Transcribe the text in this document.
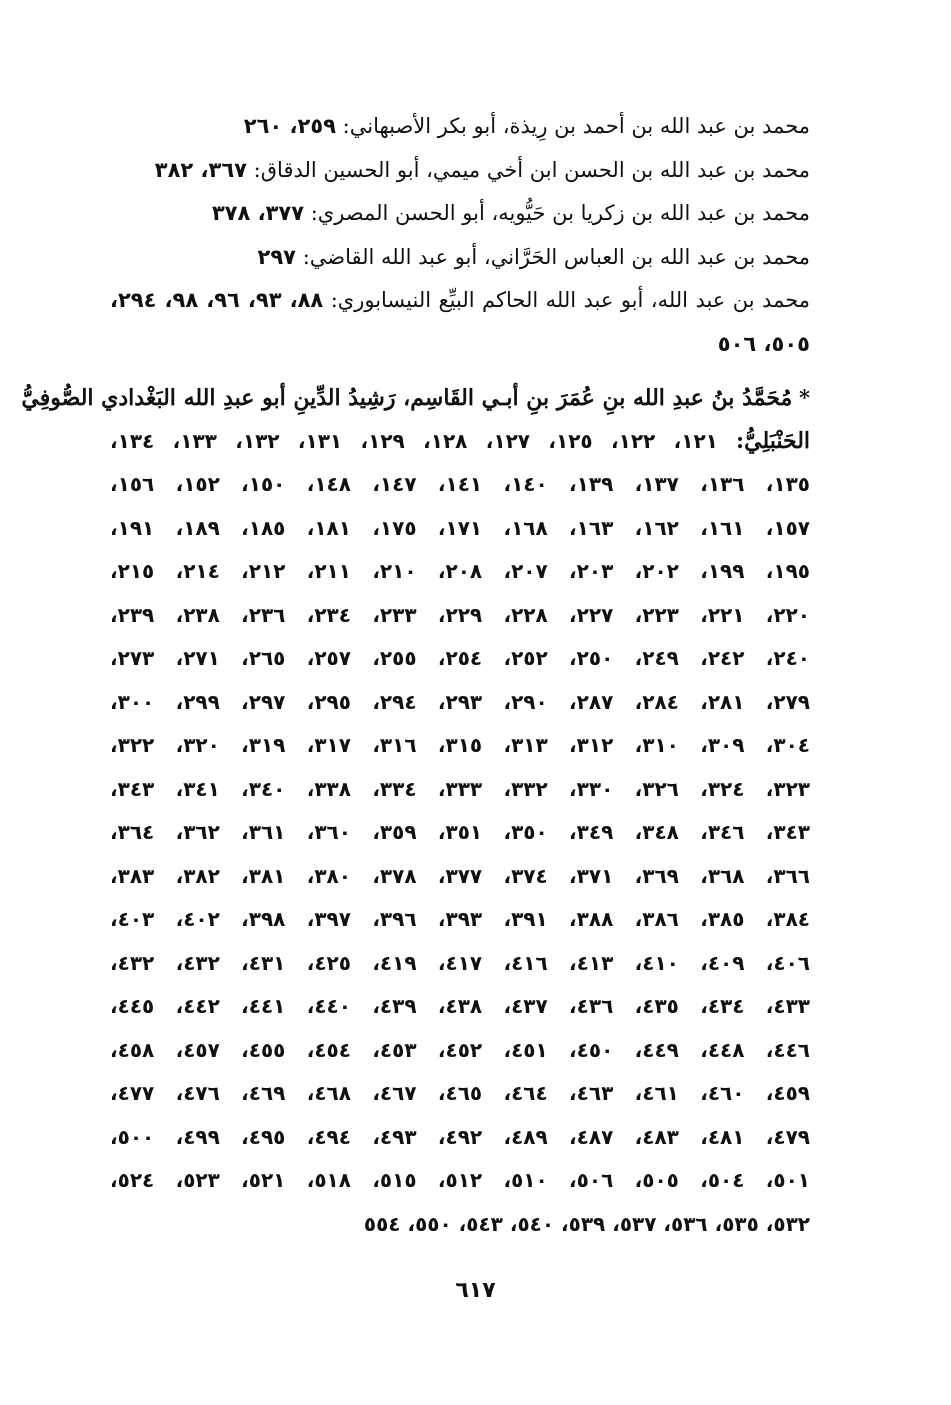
محمد بن عبد الله بن أحمد بن رِيذة، أبو بكر الأصبهاني: ٢٥٩، ٢٦٠
محمد بن عبد الله بن الحسن ابن أخي ميمي، أبو الحسين الدقاق: ٣٦٧، ٣٨٢
محمد بن عبد الله بن زكريا بن حَيُّويه، أبو الحسن المصري: ٣٧٧، ٣٧٨
محمد بن عبد الله بن العباس الحَرَّاني، أبو عبد الله القاضي: ٢٩٧
محمد بن عبد الله، أبو عبد الله الحاكم البيِّع النيسابوري: ٨٨، ٩٣، ٩٦، ٩٨، ٢٩٤،
٥٠٥، ٥٠٦
* مُحَمَّدُ بنُ عبدِ الله بنِ عُمَرَ بنِ أبـي القَاسِم، رَشِيدُ الدِّينِ أبو عبدِ الله البَغْدادي الصُّوفِيُّ
الحَنْبَلِيُّ: ١٢١، ١٢٢، ١٢٥، ١٢٧، ١٢٨، ١٢٩، ١٣١، ١٣٢، ١٣٣، ١٣٤،
١٣٥، ١٣٦، ١٣٧، ١٣٩، ١٤٠، ١٤١، ١٤٧، ١٤٨، ١٥٠، ١٥٢، ١٥٦،
١٥٧، ١٦١، ١٦٢، ١٦٣، ١٦٨، ١٧١، ١٧٥، ١٨١، ١٨٥، ١٨٩، ١٩١،
١٩٥، ١٩٩، ٢٠٢، ٢٠٣، ٢٠٧، ٢٠٨، ٢١٠، ٢١١، ٢١٢، ٢١٤، ٢١٥،
٢٢٠، ٢٢١، ٢٢٣، ٢٢٧، ٢٢٨، ٢٢٩، ٢٣٣، ٢٣٤، ٢٣٦، ٢٣٨، ٢٣٩،
٢٤٠، ٢٤٢، ٢٤٩، ٢٥٠، ٢٥٢، ٢٥٤، ٢٥٥، ٢٥٧، ٢٦٥، ٢٧١، ٢٧٣،
٢٧٩، ٢٨١، ٢٨٤، ٢٨٧، ٢٩٠، ٢٩٣، ٢٩٤، ٢٩٥، ٢٩٧، ٢٩٩، ٣٠٠،
٣٠٤، ٣٠٩، ٣١٠، ٣١٢، ٣١٣، ٣١٥، ٣١٦، ٣١٧، ٣١٩، ٣٢٠، ٣٢٢،
٣٢٣، ٣٢٤، ٣٢٦، ٣٣٠، ٣٣٢، ٣٣٣، ٣٣٤، ٣٣٨، ٣٤٠، ٣٤١، ٣٤٣،
٣٤٣، ٣٤٦، ٣٤٨، ٣٤٩، ٣٥٠، ٣٥١، ٣٥٩، ٣٦٠، ٣٦١، ٣٦٢، ٣٦٤،
٣٦٦، ٣٦٨، ٣٦٩، ٣٧١، ٣٧٤، ٣٧٧، ٣٧٨، ٣٨٠، ٣٨١، ٣٨٢، ٣٨٣،
٣٨٤، ٣٨٥، ٣٨٦، ٣٨٨، ٣٩١، ٣٩٣، ٣٩٦، ٣٩٧، ٣٩٨، ٤٠٢، ٤٠٣،
٤٠٦، ٤٠٩، ٤١٠، ٤١٣، ٤١٦، ٤١٧، ٤١٩، ٤٢٥، ٤٣١، ٤٣٢، ٤٣٢،
٤٣٣، ٤٣٤، ٤٣٥، ٤٣٦، ٤٣٧، ٤٣٨، ٤٣٩، ٤٤٠، ٤٤١، ٤٤٢، ٤٤٥،
٤٤٦، ٤٤٨، ٤٤٩، ٤٥٠، ٤٥١، ٤٥٢، ٤٥٣، ٤٥٤، ٤٥٥، ٤٥٧، ٤٥٨،
٤٥٩، ٤٦٠، ٤٦١، ٤٦٣، ٤٦٤، ٤٦٥، ٤٦٧، ٤٦٨، ٤٦٩، ٤٧٦، ٤٧٧،
٤٧٩، ٤٨١، ٤٨٣، ٤٨٧، ٤٨٩، ٤٩٢، ٤٩٣، ٤٩٤، ٤٩٥، ٤٩٩، ٥٠٠،
٥٠١، ٥٠٤، ٥٠٥، ٥٠٦، ٥١٠، ٥١٢، ٥١٥، ٥١٨، ٥٢١، ٥٢٣، ٥٢٤،
٥٣٢، ٥٣٥، ٥٣٦، ٥٣٧، ٥٣٩، ٥٤٠، ٥٤٣، ٥٥٠، ٥٥٤
٦١٧
